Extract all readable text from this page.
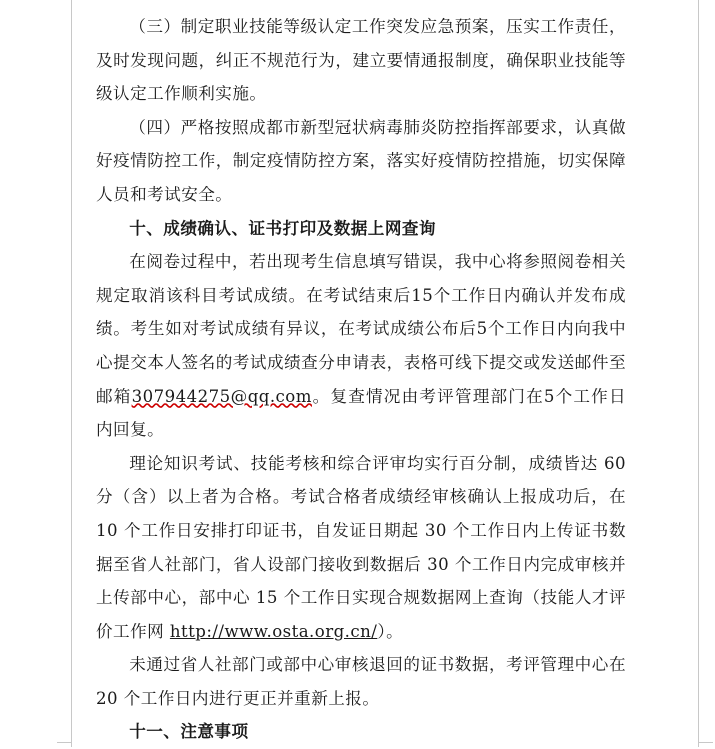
（三）制定职业技能等级认定工作突发应急预案，压实工作责任，及时发现问题，纠正不规范行为，建立要情通报制度，确保职业技能等级认定工作顺利实施。

（四）严格按照成都市新型冠状病毒肺炎防控指挥部要求，认真做好疫情防控工作，制定疫情防控方案，落实好疫情防控措施，切实保障人员和考试安全。

十、成绩确认、证书打印及数据上网查询

在阅卷过程中，若出现考生信息填写错误，我中心将参照阅卷相关规定取消该科目考试成绩。在考试结束后15个工作日内确认并发布成绩。考生如对考试成绩有异议，在考试成绩公布后5个工作日内向我中心提交本人签名的考试成绩查分申请表，表格可线下提交或发送邮件至邮箱307944275@qq.com。复查情况由考评管理部门在5个工作日内回复。

理论知识考试、技能考核和综合评审均实行百分制，成绩皆达 60 分（含）以上者为合格。考试合格者成绩经审核确认上报成功后，在 10 个工作日安排打印证书，自发证日期起 30 个工作日内上传证书数据至省人社部门，省人设部门接收到数据后 30 个工作日内完成审核并上传部中心，部中心 15 个工作日实现合规数据网上查询（技能人才评价工作网 http://www.osta.org.cn/）。

未通过省人社部门或部中心审核退回的证书数据，考评管理中心在 20 个工作日内进行更正并重新上报。

十一、注意事项
